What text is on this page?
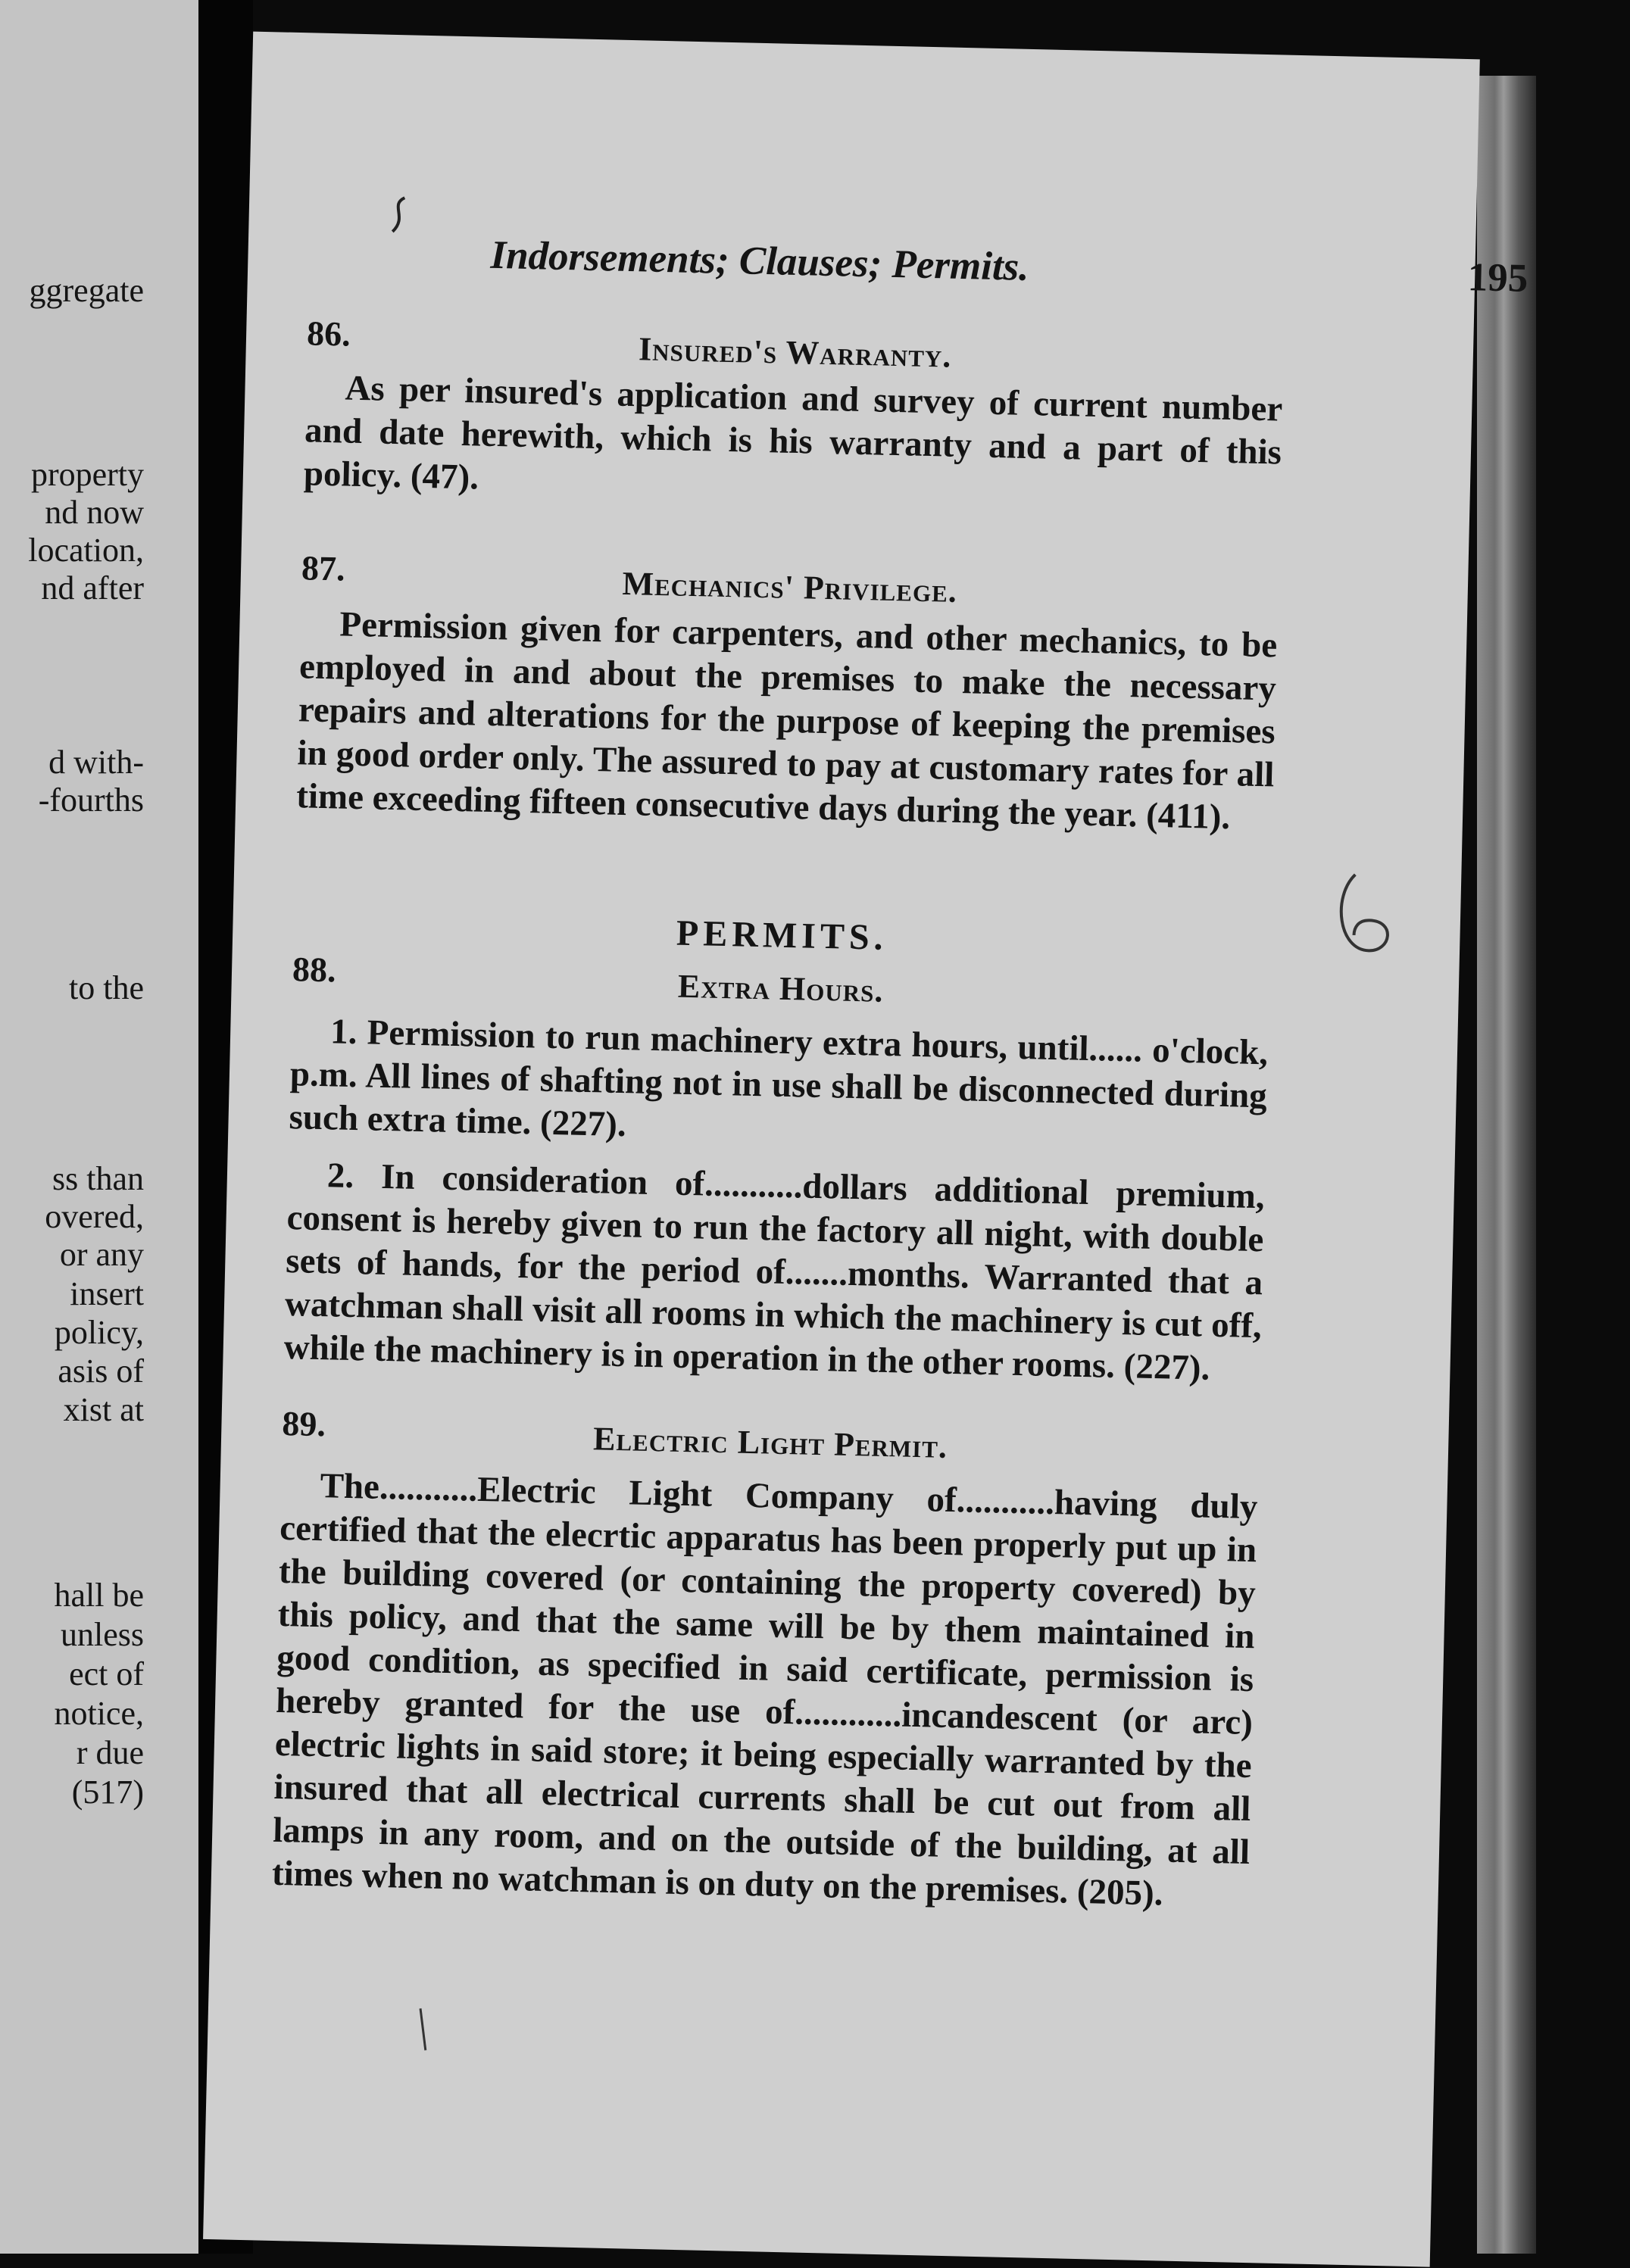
ggregate
property
nd now
location,
nd after
d with-
-fourths
to the
ss than
overed,
or any
insert
policy,
asis of
xist at
hall be
unless
ect of
notice,
r due
(517)
Indorsements; Clauses; Permits.	195
86.	Insured's Warranty.
As per insured's application and survey of current number and date herewith, which is his warranty and a part of this policy. (47).
87.	Mechanics' Privilege.
Permission given for carpenters, and other mechanics, to be employed in and about the premises to make the necessary repairs and alterations for the purpose of keeping the premises in good order only. The assured to pay at customary rates for all time exceeding fifteen consecutive days during the year. (411).
PERMITS.
88.	Extra Hours.
1. Permission to run machinery extra hours, until...... o'clock, p.m. All lines of shafting not in use shall be disconnected during such extra time. (227).
2. In consideration of...........dollars additional premium, consent is hereby given to run the factory all night, with double sets of hands, for the period of.......months. Warranted that a watchman shall visit all rooms in which the machinery is cut off, while the machinery is in operation in the other rooms. (227).
89.	Electric Light Permit.
The...........Electric Light Company of...........having duly certified that the elecrtic apparatus has been properly put up in the building covered (or containing the property covered) by this policy, and that the same will be by them maintained in good condition, as specified in said certificate, permission is hereby granted for the use of............incandescent (or arc) electric lights in said store; it being especially warranted by the insured that all electrical currents shall be cut out from all lamps in any room, and on the outside of the building, at all times when no watchman is on duty on the premises. (205).
